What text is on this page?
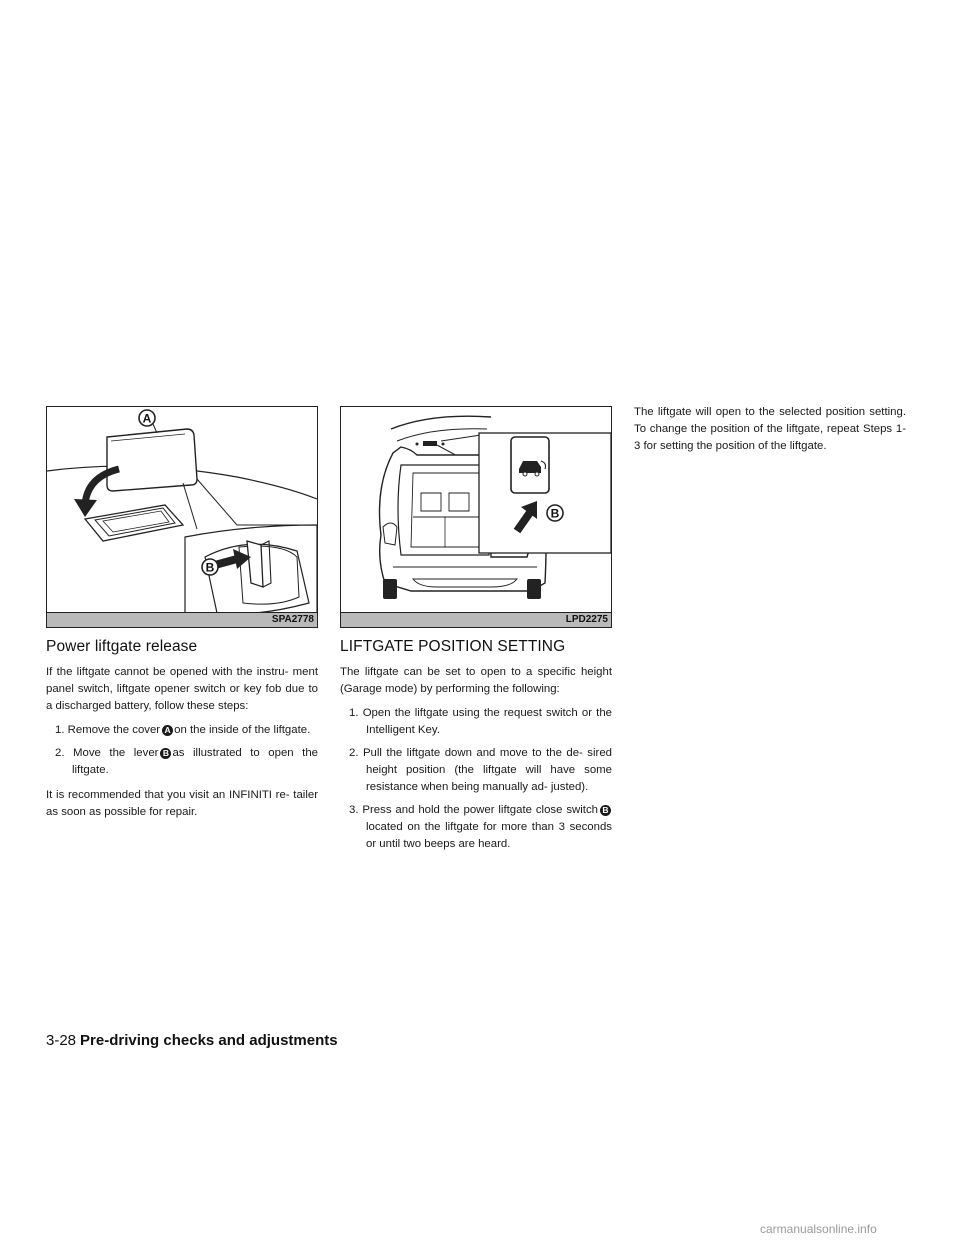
A
B
SPA2778
Power liftgate release

If the liftgate cannot be opened with the instru- ment panel switch, liftgate opener switch or key fob due to a discharged battery, follow these steps:

1. Remove the cover A on the inside of the liftgate.
2. Move the lever B as illustrated to open the liftgate.

It is recommended that you visit an INFINITI re- tailer as soon as possible for repair.

B
LPD2275
LIFTGATE POSITION SETTING

The liftgate can be set to open to a specific height (Garage mode) by performing the following:

1. Open the liftgate using the request switch or the Intelligent Key.
2. Pull the liftgate down and move to the de- sired height position (the liftgate will have some resistance when being manually ad- justed).
3. Press and hold the power liftgate close switch Blocated on the liftgate for more than 3 seconds or until two beeps are heard.

The liftgate will open to the selected position setting. To change the position of the liftgate, repeat Steps 1-3 for setting the position of the liftgate.

3-28 Pre-driving checks and adjustments
carmanualsonline.info
